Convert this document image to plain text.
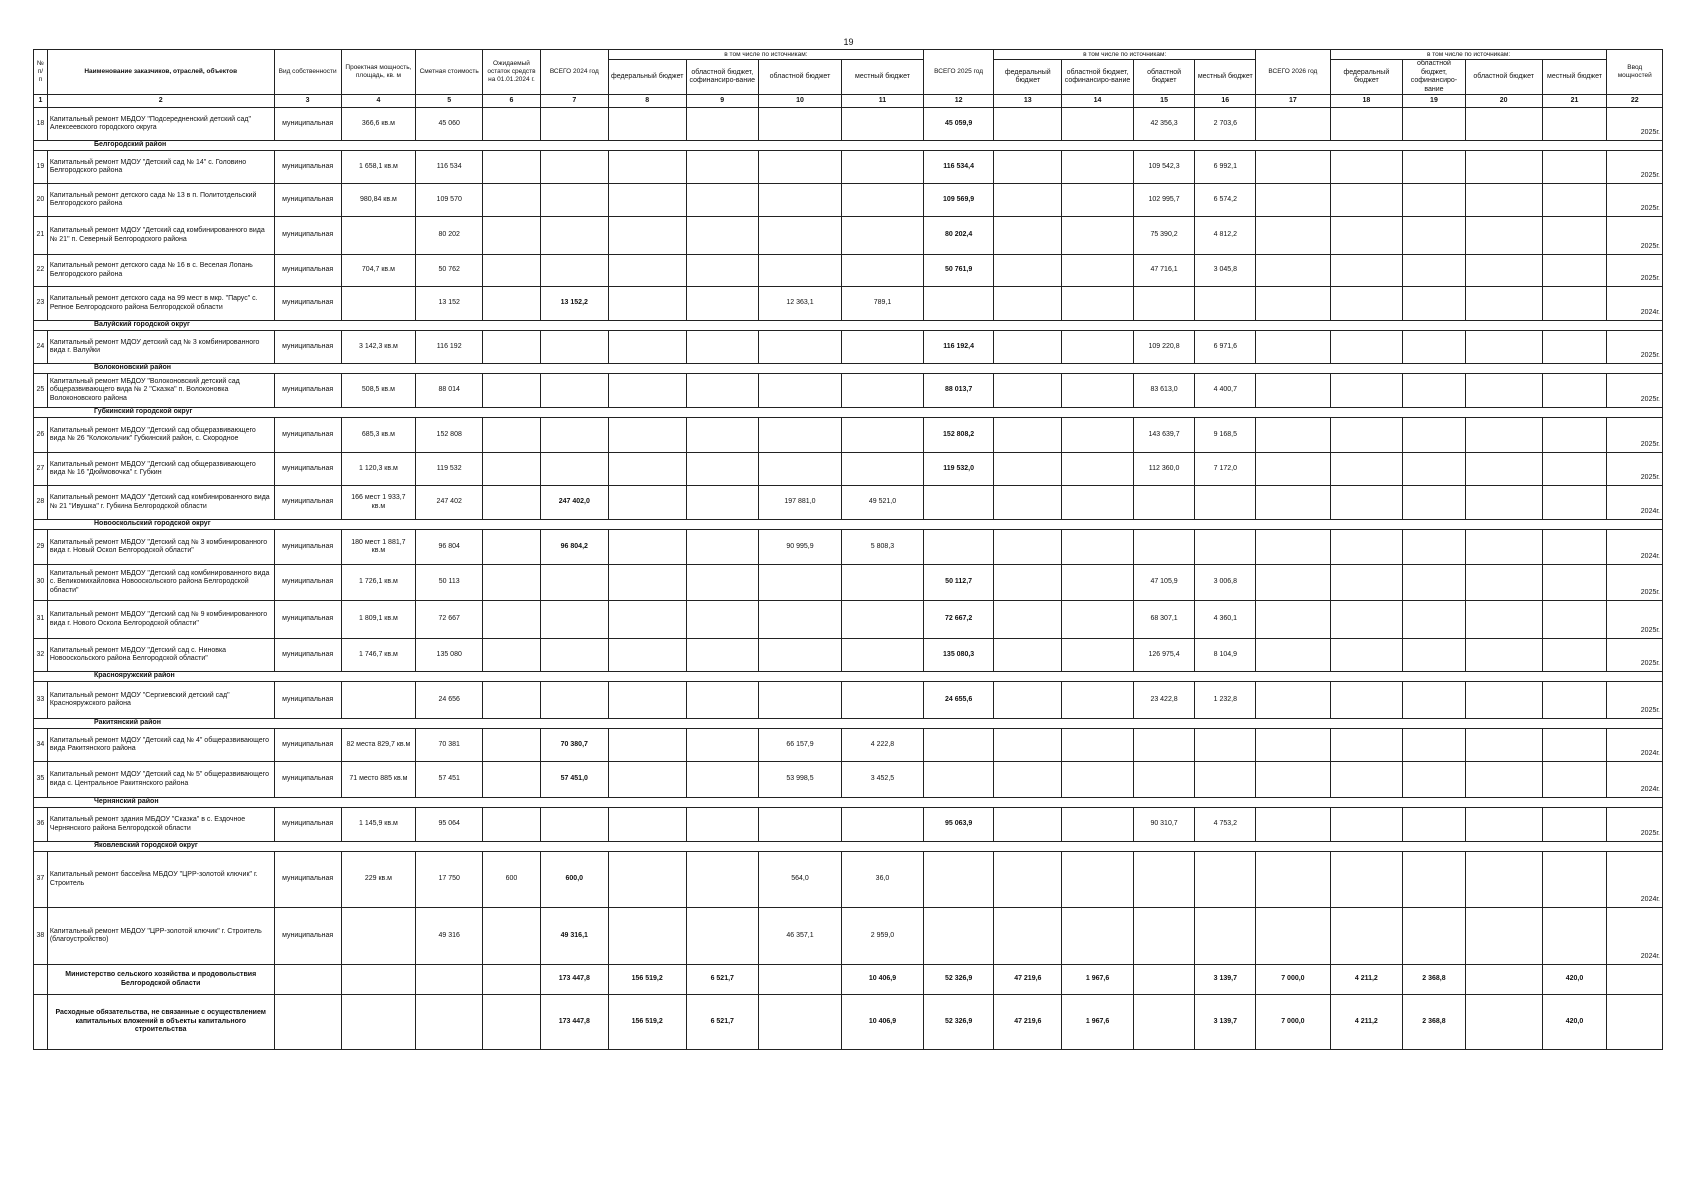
19
№ п/п	Наименование заказчиков, отраслей, объектов	Вид собственности	Проектная мощность, площадь, кв. м	Сметная стоимость	Ожидаемый остаток средств на 01.01.2024 г.	ВСЕГО 2024 год	в том числе по источникам:				ВСЕГО 2025 год	в том числе по источникам:				ВСЕГО 2026 год	в том числе по источникам:				Ввод мощностей
							федеральный бюджет	областной бюджет, софинансиро-вание	областной бюджет	местный бюджет		федеральный бюджет	областной бюджет, софинансиро-вание	областной бюджет	местный бюджет		федеральный бюджет	областной бюджет, софинансиро-вание	областной бюджет	местный бюджет	

1	2	3	4	5	6	7	8	9	10	11	12	13	14	15	16	17	18	19	20	21	22
18	Капитальный ремонт МБДОУ "Подсередненский детский сад" Алексеевского городского округа	муниципальная	366,6 кв.м	45 060							45 059,9			42 356,3	2 703,6						2025г.
Белгородский район																					
19	Капитальный ремонт МДОУ "Детский сад № 14" с. Головино Белгородского района	муниципальная	1 658,1 кв.м	116 534							116 534,4			109 542,3	6 992,1						2025г.
20	Капитальный ремонт детского сада № 13 в п. Политотдельский Белгородского района	муниципальная	980,84 кв.м	109 570							109 569,9			102 995,7	6 574,2						2025г.
21	Капитальный ремонт МДОУ "Детский сад комбинированного вида № 21" п. Северный Белгородского района	муниципальная		80 202							80 202,4			75 390,2	4 812,2						2025г.
22	Капитальный ремонт детского сада № 16 в с. Веселая Лопань Белгородского района	муниципальная	704,7 кв.м	50 762							50 761,9			47 716,1	3 045,8						2025г.
23	Капитальный ремонт детского сада на 99 мест в мкр. "Парус" с. Репное Белгородского района Белгородской области	муниципальная		13 152		13 152,2			12 363,1	789,1											2024г.
Валуйский городской округ																					
24	Капитальный ремонт МДОУ детский сад № 3 комбинированного вида г. Валуйки	муниципальная	3 142,3 кв.м	116 192							116 192,4			109 220,8	6 971,6						2025г.
Волоконовский район																					
25	Капитальный ремонт МБДОУ "Волоконовский детский сад общеразвивающего вида № 2 "Сказка" п. Волоконовка Волоконовского района	муниципальная	508,5 кв.м	88 014							88 013,7			83 613,0	4 400,7						2025г.
Губкинский городской округ																					
26	Капитальный ремонт МБДОУ "Детский сад общеразвивающего вида № 26 "Колокольчик" Губкинский район, с. Скородное	муниципальная	685,3 кв.м	152 808							152 808,2			143 639,7	9 168,5						2025г.
27	Капитальный ремонт МБДОУ "Детский сад общеразвивающего вида № 16 "Дюймовочка" г. Губкин	муниципальная	1 120,3 кв.м	119 532							119 532,0			112 360,0	7 172,0						2025г.
28	Капитальный ремонт МАДОУ "Детский сад комбинированного вида № 21 "Ивушка" г. Губкина Белгородской области	муниципальная	166 мест 1 933,7 кв.м	247 402		247 402,0			197 881,0	49 521,0											2024г.
Новооскольский городской округ																					
29	Капитальный ремонт МБДОУ "Детский сад № 3 комбинированного вида г. Новый Оскол Белгородской области"	муниципальная	180 мест 1 881,7 кв.м	96 804		96 804,2			90 995,9	5 808,3											2024г.
30	Капитальный ремонт МБДОУ "Детский сад комбинированного вида с. Великомихайловка Новооскольского района Белгородской области"	муниципальная	1 726,1 кв.м	50 113							50 112,7			47 105,9	3 006,8						2025г.
31	Капитальный ремонт МБДОУ "Детский сад № 9 комбинированного вида г. Нового Оскола Белгородской области"	муниципальная	1 809,1 кв.м	72 667							72 667,2			68 307,1	4 360,1						2025г.
32	Капитальный ремонт МБДОУ "Детский сад с. Ниновка Новооскольского района Белгородской области"	муниципальная	1 746,7 кв.м	135 080							135 080,3			126 975,4	8 104,9						2025г.
Краснояружский район																					
33	Капитальный ремонт МДОУ "Сергиевский детский сад" Краснояружского района	муниципальная		24 656							24 655,6			23 422,8	1 232,8						2025г.
Ракитянский район																					
34	Капитальный ремонт МДОУ "Детский сад № 4" общеразвивающего вида Ракитянского района	муниципальная	82 места 829,7 кв.м	70 381		70 380,7			66 157,9	4 222,8											2024г.
35	Капитальный ремонт МДОУ "Детский сад № 5" общеразвивающего вида с. Центральное Ракитянского района	муниципальная	71 место 885 кв.м	57 451		57 451,0			53 998,5	3 452,5											2024г.
Чернянский район																					
36	Капитальный ремонт здания МБДОУ "Сказка" в с. Ездочное Чернянского района Белгородской области	муниципальная	1 145,9 кв.м	95 064							95 063,9			90 310,7	4 753,2						2025г.
Яковлевский городской округ																					
37	Капитальный ремонт бассейна МБДОУ "ЦРР-золотой ключик" г. Строитель	муниципальная	229 кв.м	17 750	600	600,0			564,0	36,0											2024г.
38	Капитальный ремонт МБДОУ "ЦРР-золотой ключик" г. Строитель (благоустройство)	муниципальная		49 316		49 316,1			46 357,1	2 959,0											2024г.
	Министерство сельского хозяйства и продовольствия Белгородской области					173 447,8	156 519,2	6 521,7		10 406,9	52 326,9	47 219,6	1 967,6		3 139,7	7 000,0	4 211,2	2 368,8		420,0	
	Расходные обязательства, не связанные с осуществлением капитальных вложений в объекты капитального строительства					173 447,8	156 519,2	6 521,7		10 406,9	52 326,9	47 219,6	1 967,6		3 139,7	7 000,0	4 211,2	2 368,8		420,0	
